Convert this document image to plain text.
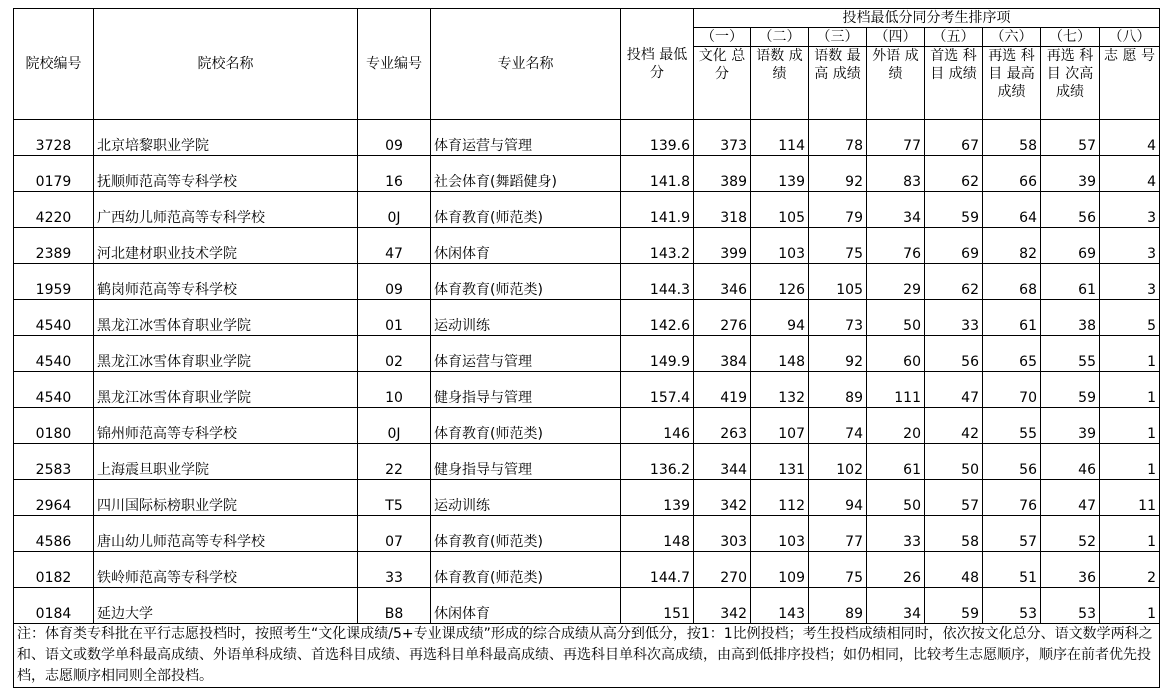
院校编号	院校名称	专业编号	专业名称	投档 最低分	投档最低分同分考生排序项							
					（一）	（二）	（三）	（四）	（五）	（六）	（七）	（八）
					文化 总分	语数 成绩	语数 最高 成绩	外语 成绩	首选 科目 成绩	再选 科目 最高 成绩	再选 科目 次高 成绩	志 愿 号
3728	北京培黎职业学院	09	体育运营与管理	139.6	373	114	78	77	67	58	57	4
0179	抚顺师范高等专科学校	16	社会体育(舞蹈健身)	141.8	389	139	92	83	62	66	39	4
4220	广西幼儿师范高等专科学校	0J	体育教育(师范类)	141.9	318	105	79	34	59	64	56	3
2389	河北建材职业技术学院	47	休闲体育	143.2	399	103	75	76	69	82	69	3
1959	鹤岗师范高等专科学校	09	体育教育(师范类)	144.3	346	126	105	29	62	68	61	3
4540	黑龙江冰雪体育职业学院	01	运动训练	142.6	276	94	73	50	33	61	38	5
4540	黑龙江冰雪体育职业学院	02	体育运营与管理	149.9	384	148	92	60	56	65	55	1
4540	黑龙江冰雪体育职业学院	10	健身指导与管理	157.4	419	132	89	111	47	70	59	1
0180	锦州师范高等专科学校	0J	体育教育(师范类)	146	263	107	74	20	42	55	39	1
2583	上海震旦职业学院	22	健身指导与管理	136.2	344	131	102	61	50	56	46	1
2964	四川国际标榜职业学院	T5	运动训练	139	342	112	94	50	57	76	47	11
4586	唐山幼儿师范高等专科学校	07	体育教育(师范类)	148	303	103	77	33	58	57	52	1
0182	铁岭师范高等专科学校	33	体育教育(师范类)	144.7	270	109	75	26	48	51	36	2
0184	延边大学	B8	休闲体育	151	342	143	89	34	59	53	53	1
注：体育类专科批在平行志愿投档时，按照考生“文化课成绩/5+专业课成绩”形成的综合成绩从高分到低分，按1：1比例投档；考生投档成绩相同时，依次按文化总分、语文数学两科之和、语文或数学单科最高成绩、外语单科成绩、首选科目成绩、再选科目单科最高成绩、再选科目单科次高成绩，由高到低排序投档；如仍相同，比较考生志愿顺序，顺序在前者优先投档，志愿顺序相同则全部投档。												
